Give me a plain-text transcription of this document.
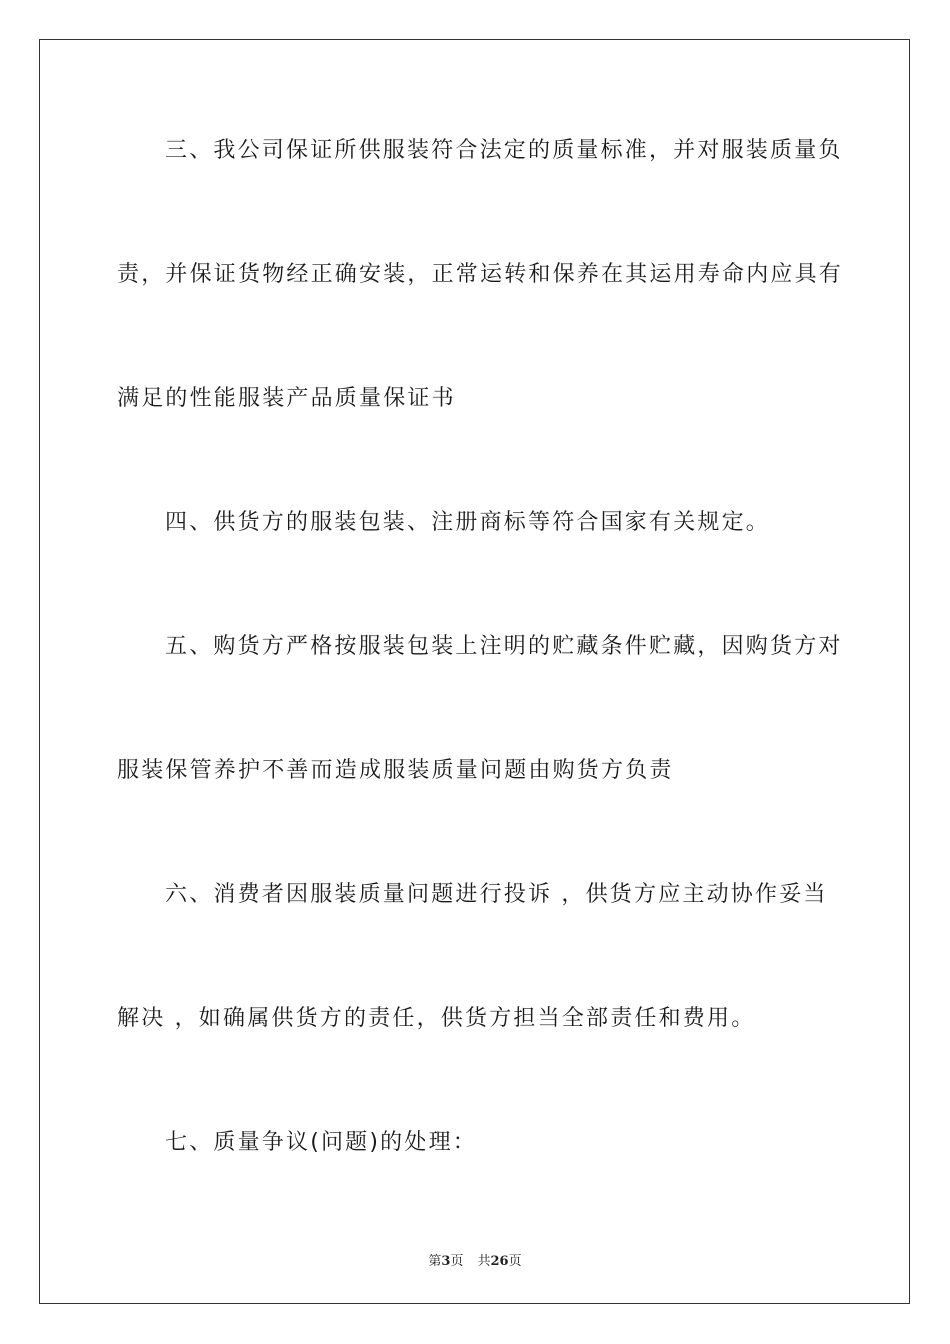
三、我公司保证所供服装符合法定的质量标准，并对服装质量负
责，并保证货物经正确安装，正常运转和保养在其运用寿命内应具有
满足的性能服装产品质量保证书
四、供货方的服装包装、注册商标等符合国家有关规定。
五、购货方严格按服装包装上注明的贮藏条件贮藏，因购货方对
服装保管养护不善而造成服装质量问题由购货方负责
六、消费者因服装质量问题进行投诉 ，供货方应主动协作妥当
解决 ，如确属供货方的责任，供货方担当全部责任和费用。
七、质量争议(问题)的处理：
第3页 共26页
